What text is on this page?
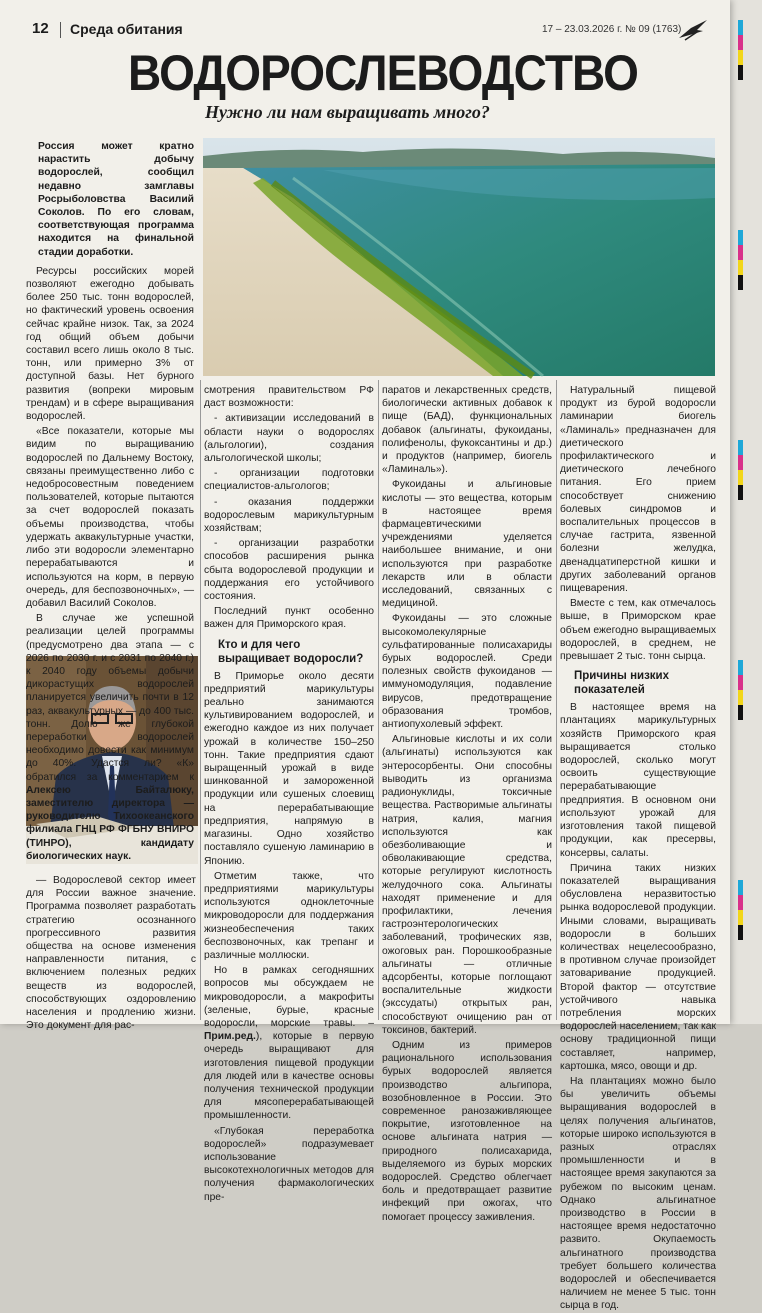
12 Среда обитания	17 – 23.03.2026 г. № 09 (1763)
ВОДОРОСЛЕВОДСТВО
Нужно ли нам выращивать много?

Россия может кратно нарастить добычу водорослей, сообщил недавно замглавы Росрыболовства Василий Соколов. По его словам, соответствующая программа находится на финальной стадии доработки.

Ресурсы российских морей позволяют ежегодно добывать более 250 тыс. тонн водорослей, но фактический уровень освоения сейчас крайне низок. Так, за 2024 год общий объем добычи составил всего лишь около 8 тыс. тонн, или примерно 3% от доступной базы. Нет бурного развития (вопреки мировым трендам) и в сфере выращивания водорослей.

«Все показатели, которые мы видим по выращиванию водорослей по Дальнему Востоку, связаны преимущественно либо с недобросовестным поведением пользователей, которые пытаются за счет водорослей показать объемы производства, чтобы удержать аквакультурные участки, либо эти водоросли элементарно перерабатываются и используются на корм, в первую очередь, для беспозвоночных», — добавил Василий Соколов.

В случае же успешной реализации целей программы (предусмотрено два этапа — с 2026 по 2030 г. и с 2031 по 2040 г.) к 2040 году объемы добычи дикорастущих водорослей планируется увеличить почти в 12 раз, аквакультурных — до 400 тыс. тонн. Долю же глубокой переработки водорослей необходимо довести как минимум до 40%. Удастся ли? «К» обратился за комментарием к Алексею Байталюку, заместителю директора — руководителю Тихоокеанского филиала ГНЦ РФ ФГБНУ ВНИРО (ТИНРО), кандидату биологических наук.

— Водорослевой сектор имеет для России важное значение. Программа позволяет разработать стратегию осознанного прогрессивного развития общества на основе изменения направленности питания, с включением полезных редких веществ из водорослей, способствующих оздоровлению населения и продлению жизни. Это документ для рас-

смотрения правительством РФ даст возможности:

- активизации исследований в области науки о водорослях (альгологии), создания альгологической школы;

- организации подготовки специалистов-альгологов;

- оказания поддержки водорослевым марикультурным хозяйствам;

- организации разработки способов расширения рынка сбыта водорослевой продукции и поддержания его устойчивого состояния.

Последний пункт особенно важен для Приморского края.

Кто и для чего выращивает водоросли?

В Приморье около десяти предприятий марикультуры реально занимаются культивированием водорослей, и ежегодно каждое из них получает урожай в количестве 150–250 тонн. Такие предприятия сдают выращенный урожай в виде шинкованной и замороженной продукции или сушеных слоевищ на перерабатывающие предприятия, напрямую в магазины. Одно хозяйство поставляло сушеную ламинарию в Японию.

Отметим также, что предприятиями марикультуры используются одноклеточные микроводоросли для поддержания жизнеобеспечения таких беспозвоночных, как трепанг и различные моллюски.

Но в рамках сегодняшних вопросов мы обсуждаем не микроводоросли, а макрофиты (зеленые, бурые, красные водоросли, морские травы. – Прим.ред.), которые в первую очередь выращивают для изготовления пищевой продукции для людей или в качестве основы получения технической продукции для мясоперерабатывающей промышленности.

«Глубокая переработка водорослей» подразумевает использование высокотехнологичных методов для получения фармакологических пре-

паратов и лекарственных средств, биологически активных добавок к пище (БАД), функциональных добавок (альгинаты, фукоиданы, полифенолы, фукоксантины и др.) и продуктов (например, биогель «Ламиналь»).

Фукоиданы и альгиновые кислоты — это вещества, которым в настоящее время фармацевтическими учреждениями уделяется наибольшее внимание, и они используются при разработке лекарств или в области исследований, связанных с медициной.

Фукоиданы — это сложные высокомолекулярные сульфатированные полисахариды бурых водорослей. Среди полезных свойств фукоиданов — иммуномодуляция, подавление вирусов, предотвращение образования тромбов, антиопухолевый эффект.

Альгиновые кислоты и их соли (альгинаты) используются как энтеросорбенты. Они способны выводить из организма радионуклиды, токсичные вещества. Растворимые альгинаты натрия, калия, магния используются как обезболивающие и обволакивающие средства, которые регулируют кислотность желудочного сока. Альгинаты находят применение и для профилактики, лечения гастроэнтерологических заболеваний, трофических язв, ожоговых ран. Порошкообразные альгинаты — отличные адсорбенты, которые поглощают воспалительные жидкости (экссудаты) открытых ран, способствуют очищению ран от токсинов, бактерий.

Одним из примеров рационального использования бурых водорослей является производство альгипора, возобновленное в России. Это современное ранозаживляющее покрытие, изготовленное на основе альгината натрия — природного полисахарида, выделяемого из бурых морских водорослей. Средство облегчает боль и предотвращает развитие инфекций при ожогах, что помогает процессу заживления.

Натуральный пищевой продукт из бурой водоросли ламинарии биогель «Ламиналь» предназначен для диетического профилактического и диетического лечебного питания. Его прием способствует снижению болевых синдромов и воспалительных процессов в случае гастрита, язвенной болезни желудка, двенадцатиперстной кишки и других заболеваний органов пищеварения.

Вместе с тем, как отмечалось выше, в Приморском крае объем ежегодно выращиваемых водорослей, в среднем, не превышает 2 тыс. тонн сырца.

Причины низких показателей

В настоящее время на плантациях марикультурных хозяйств Приморского края выращивается столько водорослей, сколько могут освоить существующие перерабатывающие предприятия. В основном они используют урожай для изготовления такой пищевой продукции, как пресервы, консервы, салаты.

Причина таких низких показателей выращивания обусловлена неразвитостью рынка водорослевой продукции. Иными словами, выращивать водоросли в больших количествах нецелесообразно, в противном случае произойдет затоваривание продукцией. Второй фактор — отсутствие устойчивого навыка потребления морских водорослей населением, так как основу традиционной пищи составляет, например, картошка, мясо, овощи и др.

На плантациях можно было бы увеличить объемы выращивания водорослей в целях получения альгинатов, которые широко используются в разных отраслях промышленности и в настоящее время закупаются за рубежом по высоким ценам. Однако альгинатное производство в России в настоящее время недостаточно развито. Окупаемость альгинатного производства требует большего количества водорослей и обеспечивается наличием не менее 5 тыс. тонн сырца в год.
